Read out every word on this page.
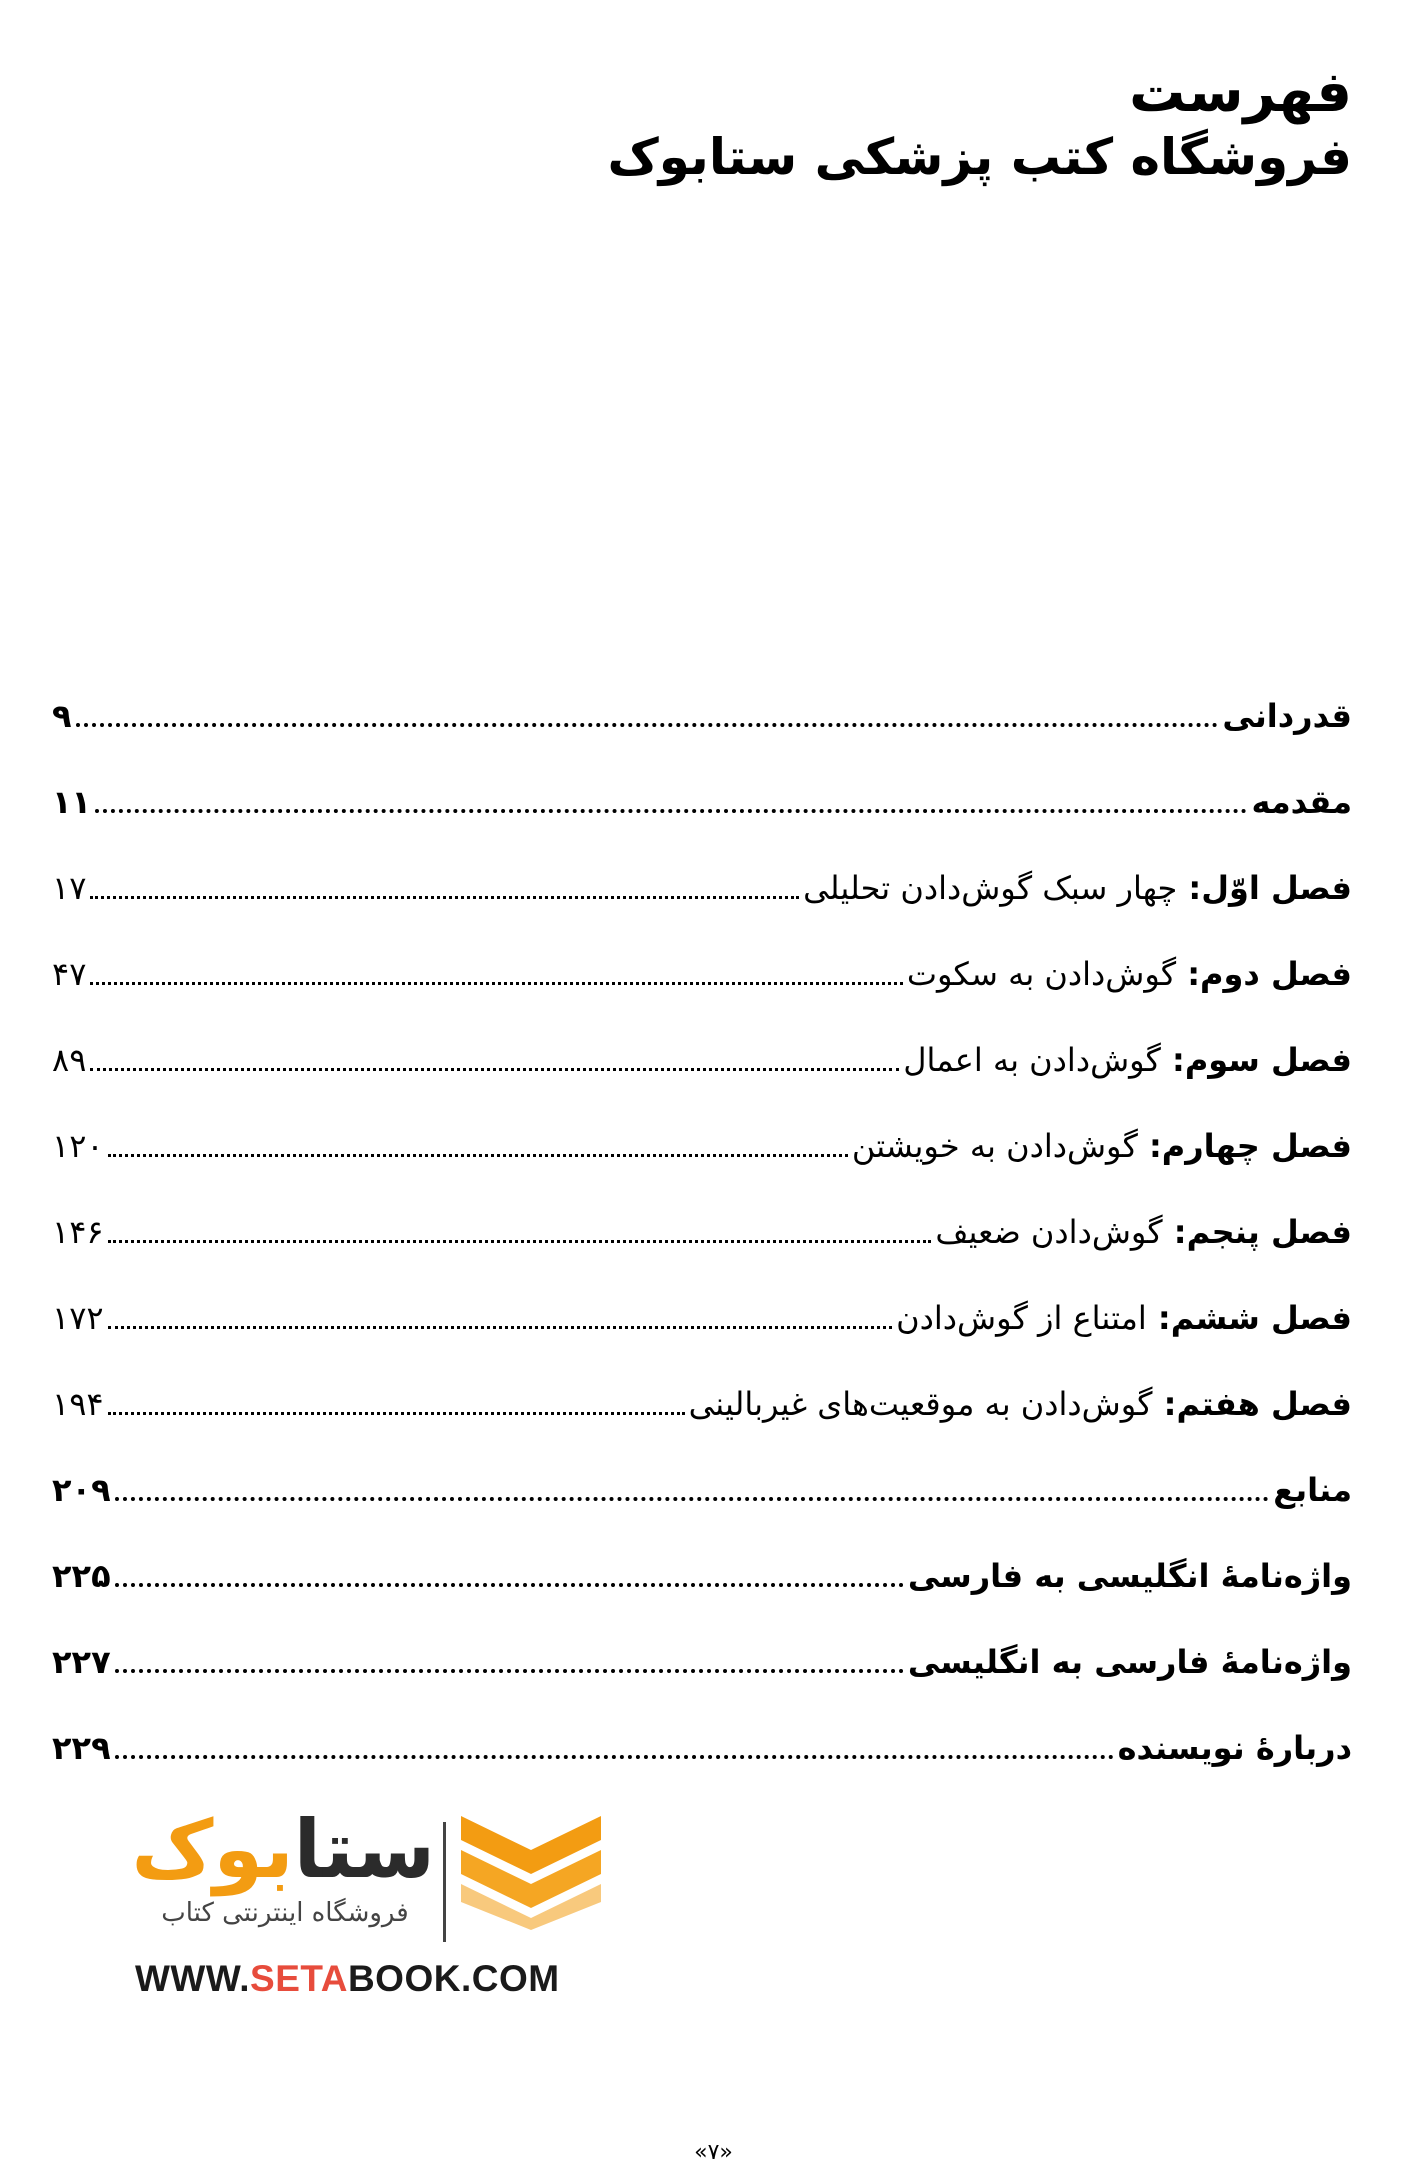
فهرست
فروشگاه کتب پزشکی ستابوک
۹	قدردانی
۱۱	مقدمه
۱۷	فصل اوّل: چهار سبک گوش‌دادن تحلیلی
۴۷	فصل دوم: گوش‌دادن به سکوت
۸۹	فصل سوم: گوش‌دادن به اعمال
۱۲۰	فصل چهارم: گوش‌دادن به خویشتن
۱۴۶	فصل پنجم: گوش‌دادن ضعیف
۱۷۲	فصل ششم: امتناع از گوش‌دادن
۱۹۴	فصل هفتم: گوش‌دادن به موقعیت‌های غیربالینی
۲۰۹	منابع
۲۲۵	واژه‌نامۀ انگلیسی به فارسی
۲۲۷	واژه‌نامۀ فارسی به انگلیسی
۲۲۹	دربارۀ نویسنده
ستابوک
فروشگاه اینترنتی کتاب
WWW.SETABOOK.COM
«۷»
